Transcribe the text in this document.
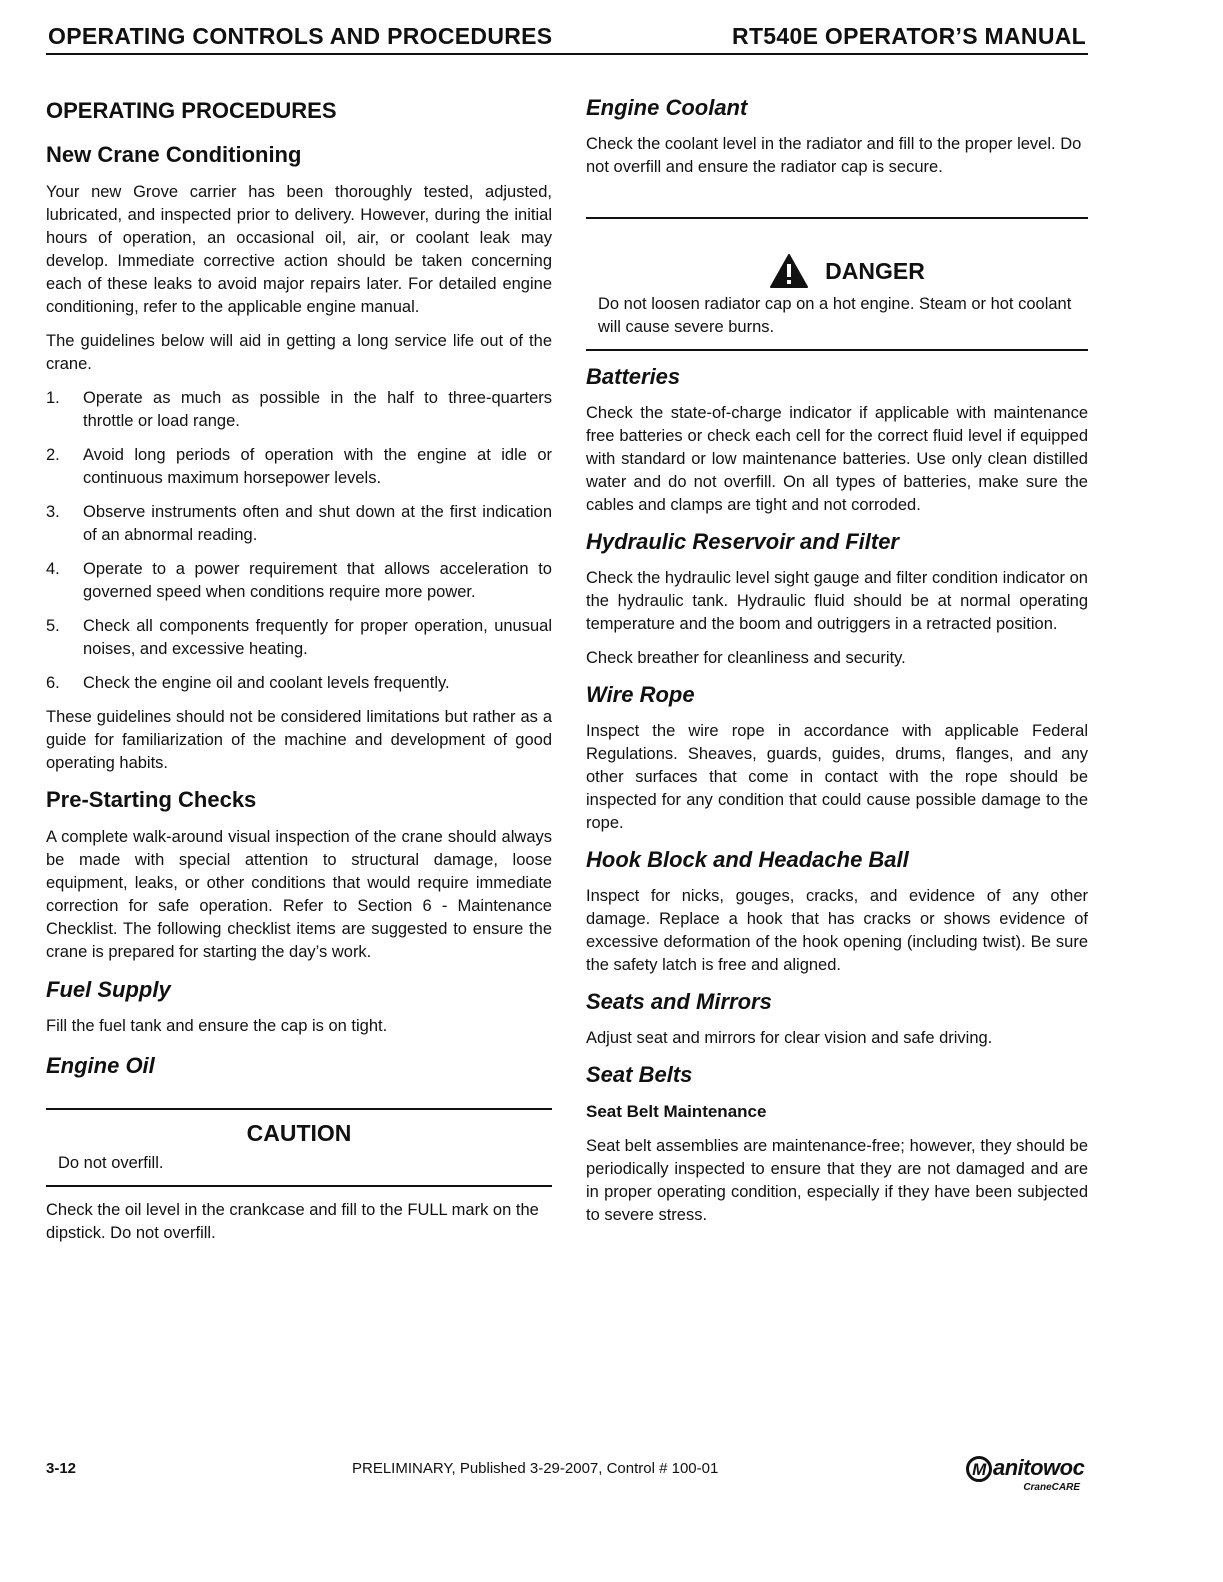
OPERATING CONTROLS AND PROCEDURES	RT540E OPERATOR’S MANUAL
OPERATING PROCEDURES
New Crane Conditioning

Your new Grove carrier has been thoroughly tested, adjusted, lubricated, and inspected prior to delivery. However, during the initial hours of operation, an occasional oil, air, or coolant leak may develop. Immediate corrective action should be taken concerning each of these leaks to avoid major repairs later. For detailed engine conditioning, refer to the applicable engine manual.

The guidelines below will aid in getting a long service life out of the crane.

1.	Operate as much as possible in the half to three-quarters throttle or load range.
2.	Avoid long periods of operation with the engine at idle or continuous maximum horsepower levels.
3.	Observe instruments often and shut down at the first indication of an abnormal reading.
4.	Operate to a power requirement that allows acceleration to governed speed when conditions require more power.
5.	Check all components frequently for proper operation, unusual noises, and excessive heating.
6.	Check the engine oil and coolant levels frequently.

These guidelines should not be considered limitations but rather as a guide for familiarization of the machine and development of good operating habits.

Pre-Starting Checks

A complete walk-around visual inspection of the crane should always be made with special attention to structural damage, loose equipment, leaks, or other conditions that would require immediate correction for safe operation. Refer to Section 6 - Maintenance Checklist. The following checklist items are suggested to ensure the crane is prepared for starting the day’s work.

Fuel Supply

Fill the fuel tank and ensure the cap is on tight.

Engine Oil
CAUTION
Do not overfill.

Check the oil level in the crankcase and fill to the FULL mark on the dipstick. Do not overfill.

Engine Coolant

Check the coolant level in the radiator and fill to the proper level. Do not overfill and ensure the radiator cap is secure.

DANGER
Do not loosen radiator cap on a hot engine. Steam or hot coolant will cause severe burns.
Batteries

Check the state-of-charge indicator if applicable with maintenance free batteries or check each cell for the correct fluid level if equipped with standard or low maintenance batteries. Use only clean distilled water and do not overfill. On all types of batteries, make sure the cables and clamps are tight and not corroded.

Hydraulic Reservoir and Filter

Check the hydraulic level sight gauge and filter condition indicator on the hydraulic tank. Hydraulic fluid should be at normal operating temperature and the boom and outriggers in a retracted position.

Check breather for cleanliness and security.

Wire Rope

Inspect the wire rope in accordance with applicable Federal Regulations. Sheaves, guards, guides, drums, flanges, and any other surfaces that come in contact with the rope should be inspected for any condition that could cause possible damage to the rope.

Hook Block and Headache Ball

Inspect for nicks, gouges, cracks, and evidence of any other damage. Replace a hook that has cracks or shows evidence of excessive deformation of the hook opening (including twist). Be sure the safety latch is free and aligned.

Seats and Mirrors

Adjust seat and mirrors for clear vision and safe driving.

Seat Belts
Seat Belt Maintenance

Seat belt assemblies are maintenance-free; however, they should be periodically inspected to ensure that they are not damaged and are in proper operating condition, especially if they have been subjected to severe stress.

3-12	PRELIMINARY, Published 3-29-2007, Control # 100-01	M anitowoc
CraneCARE
